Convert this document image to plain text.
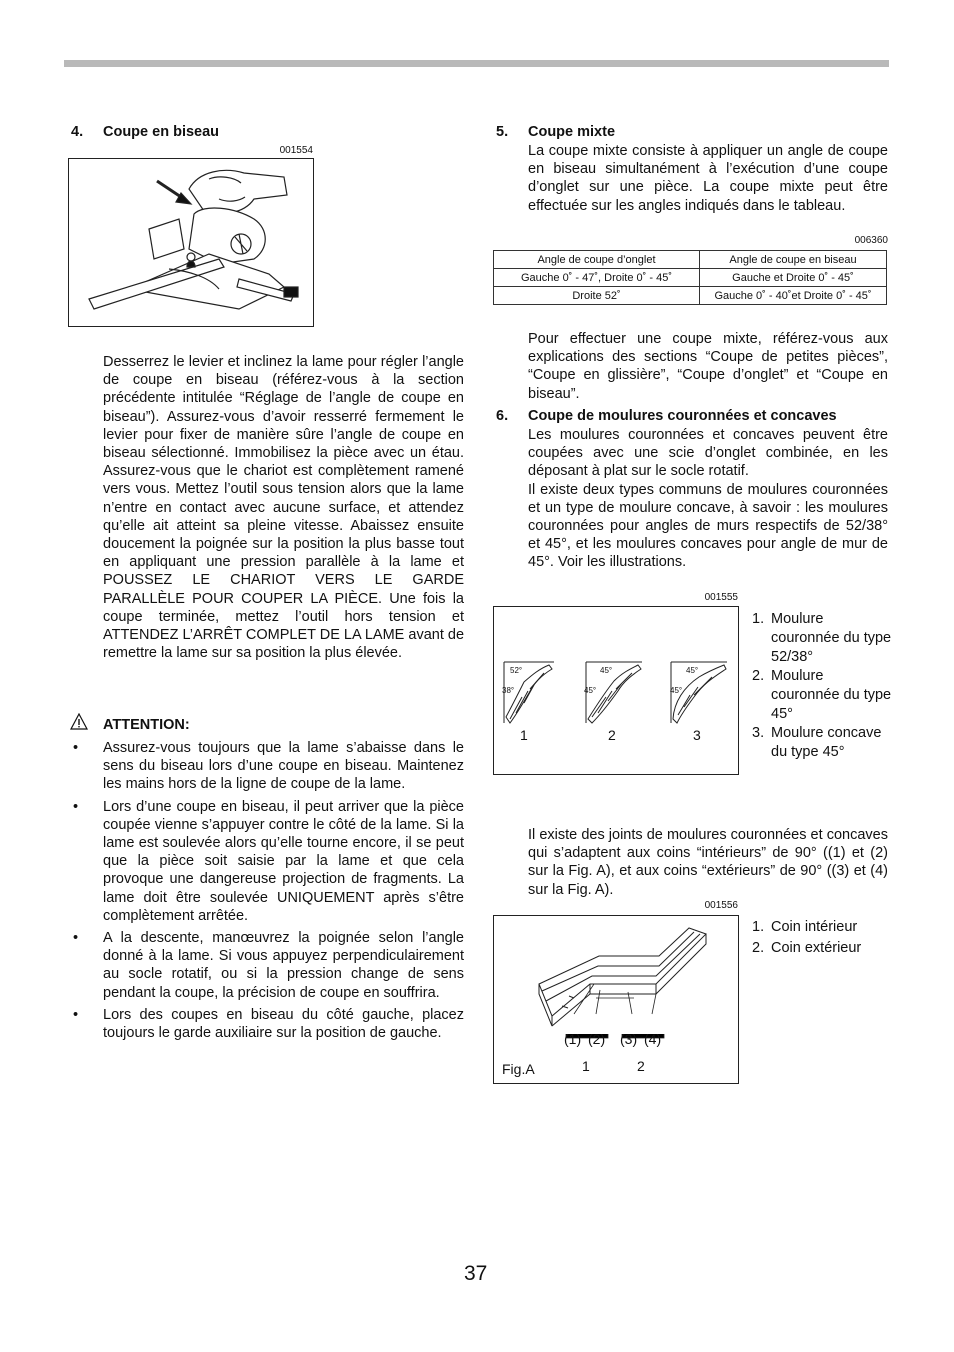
4. Coupe en biseau
001554

Desserrez le levier et inclinez la lame pour régler l’angle de coupe en biseau (référez-vous à la section précédente intitulée “Réglage de l’angle de coupe en biseau”). Assurez-vous d’avoir resserré fermement le levier pour fixer de manière sûre l’angle de coupe en biseau sélectionné. Immobilisez la pièce avec un étau. Assurez-vous que le chariot est complètement ramené vers vous. Mettez l’outil sous tension alors que la lame n’entre en contact avec aucune surface, et attendez qu’elle ait atteint sa pleine vitesse. Abaissez ensuite doucement la poignée sur la position la plus basse tout en appliquant une pression parallèle à la lame et POUSSEZ LE CHARIOT VERS LE GARDE PARALLÈLE POUR COUPER LA PIÈCE. Une fois la coupe terminée, mettez l’outil hors tension et ATTENDEZ L’ARRÊT COMPLET DE LA LAME avant de remettre la lame sur sa position la plus élevée.

ATTENTION:
• Assurez-vous toujours que la lame s’abaisse dans le sens du biseau lors d’une coupe en biseau. Maintenez les mains hors de la ligne de coupe de la lame.
• Lors d’une coupe en biseau, il peut arriver que la pièce coupée vienne s’appuyer contre le côté de la lame. Si la lame est soulevée alors qu’elle tourne encore, il se peut que la pièce soit saisie par la lame et que cela provoque une dangereuse projection de fragments. La lame doit être soulevée UNIQUEMENT après s’être complètement arrêtée.
• A la descente, manœuvrez la poignée selon l’angle donné à la lame. Si vous appuyez perpendiculairement au socle rotatif, ou si la pression change de sens pendant la coupe, la précision de coupe en souffrira.
• Lors des coupes en biseau du côté gauche, placez toujours le garde auxiliaire sur la position de gauche.
5. Coupe mixte

La coupe mixte consiste à appliquer un angle de coupe en biseau simultanément à l’exécution d’une coupe d’onglet sur une pièce. La coupe mixte peut être effectuée sur les angles indiqués dans le tableau.

006360
Angle de coupe d’onglet	Angle de coupe en biseau
Gauche 0˚ - 47˚, Droite 0˚ - 45˚	Gauche et Droite 0˚ - 45˚
Droite 52˚	Gauche 0˚ - 40˚et Droite 0˚ - 45˚

Pour effectuer une coupe mixte, référez-vous aux explications des sections “Coupe de petites pièces”, “Coupe en glissière”, “Coupe d’onglet” et “Coupe en biseau”.

6. Coupe de moulures couronnées et concaves

Les moulures couronnées et concaves peuvent être coupées avec une scie d’onglet combinée, en les déposant à plat sur le socle rotatif.

Il existe deux types communs de moulures couronnées et un type de moulure concave, à savoir : les moulures couronnées pour angles de murs respectifs de 52/38° et 45°, et les moulures concaves pour angle de mur de 45°. Voir les illustrations.

001555
52°
38°
45°
45°
45°
45°
1	2	3
1. Moulure couronnée du type 52/38°
2. Moulure couronnée du type 45°
3. Moulure concave du type 45°

Il existe des joints de moulures couronnées et concaves qui s’adaptent aux coins “intérieurs” de 90° ((1) et (2) sur la Fig. A), et aux coins “extérieurs” de 90° ((3) et (4) sur la Fig. A).

001556
(1) (2) (3) (4)
1	2
Fig.A
1. Coin intérieur
2. Coin extérieur
37
